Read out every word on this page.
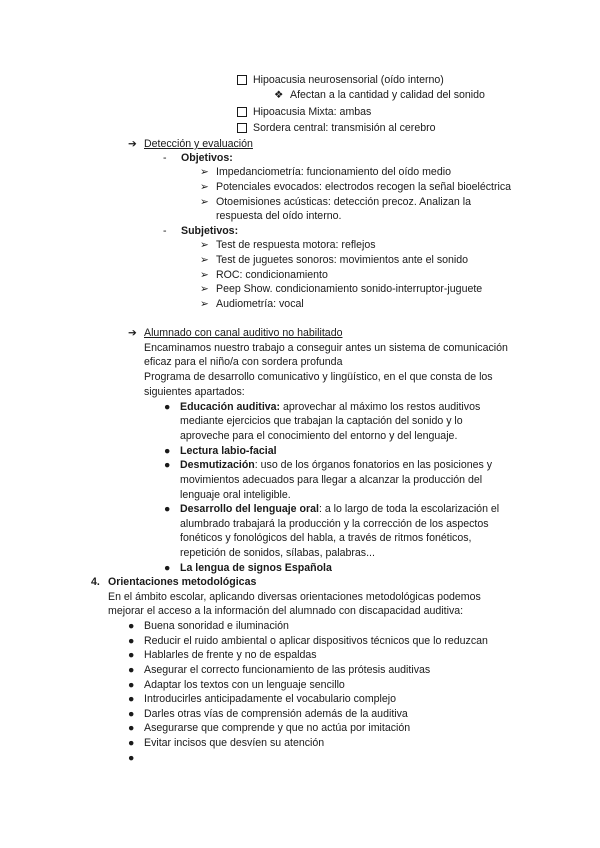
Hipoacusia neurosensorial (oído interno)
❖ Afectan a la cantidad y calidad del sonido
Hipoacusia Mixta: ambas
Sordera central: transmisión al cerebro
➔ Detección y evaluación
- Objetivos:
➢ Impedanciometría: funcionamiento del oído medio
➢ Potenciales evocados: electrodos recogen la señal bioeléctrica
➢ Otoemisiones acústicas: detección precoz. Analizan la
respuesta del oído interno.
- Subjetivos:
➢ Test de respuesta motora: reflejos
➢ Test de juguetes sonoros: movimientos ante el sonido
➢ ROC: condicionamiento
➢ Peep Show. condicionamiento sonido-interruptor-juguete
➢ Audiometría: vocal
➔ Alumnado con canal auditivo no habilitado
Encaminamos nuestro trabajo a conseguir antes un sistema de comunicación
eficaz para el niño/a con sordera profunda
Programa de desarrollo comunicativo y lingüístico, en el que consta de los
siguientes apartados:
● Educación auditiva: aprovechar al máximo los restos auditivos
mediante ejercicios que trabajan la captación del sonido y lo
aproveche para el conocimiento del entorno y del lenguaje.
● Lectura labio-facial
● Desmutización: uso de los órganos fonatorios en las posiciones y
movimientos adecuados para llegar a alcanzar la producción del
lenguaje oral inteligible.
● Desarrollo del lenguaje oral: a lo largo de toda la escolarización el
alumbrado trabajará la producción y la corrección de los aspectos
fonéticos y fonológicos del habla, a través de ritmos fonéticos,
repetición de sonidos, sílabas, palabras...
● La lengua de signos Española
4. Orientaciones metodológicas
En el ámbito escolar, aplicando diversas orientaciones metodológicas podemos
mejorar el acceso a la información del alumnado con discapacidad auditiva:
● Buena sonoridad e iluminación
● Reducir el ruido ambiental o aplicar dispositivos técnicos que lo reduzcan
● Hablarles de frente y no de espaldas
● Asegurar el correcto funcionamiento de las prótesis auditivas
● Adaptar los textos con un lenguaje sencillo
● Introducirles anticipadamente el vocabulario complejo
● Darles otras vías de comprensión además de la auditiva
● Asegurarse que comprende y que no actúa por imitación
● Evitar incisos que desvíen su atención
●
